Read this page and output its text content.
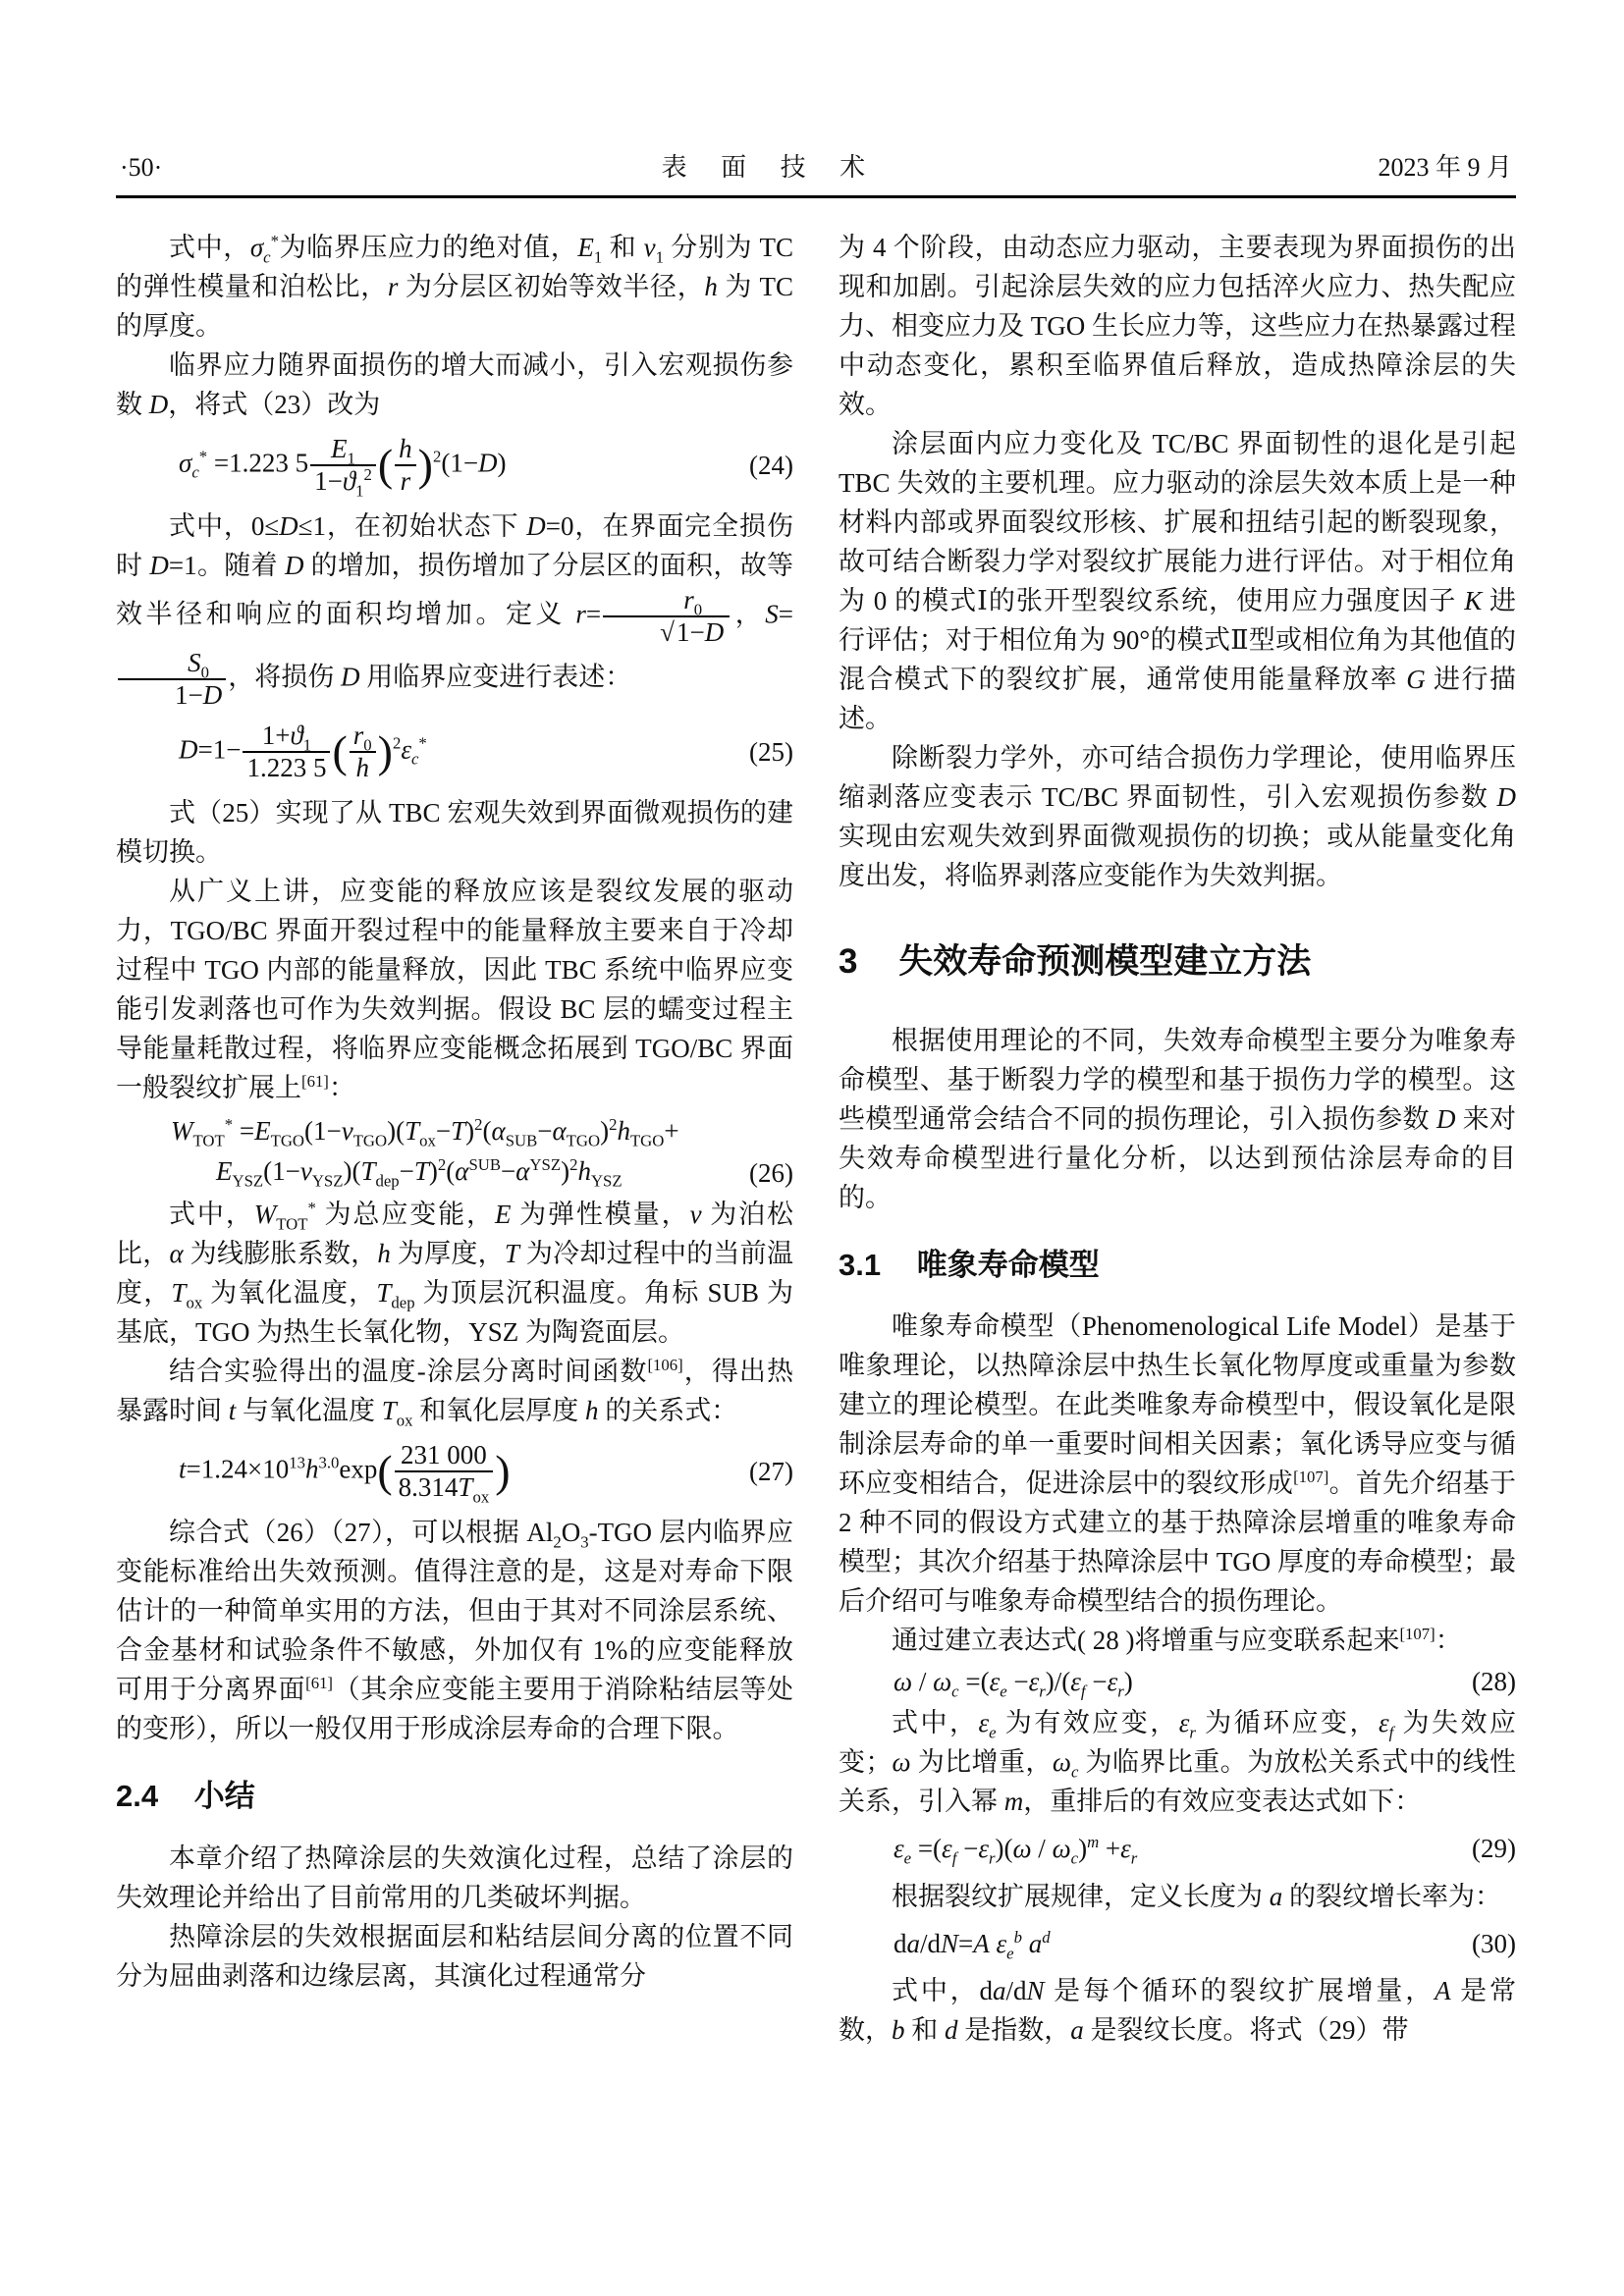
·50·	表 面 技 术	2023 年 9 月

式中，$\sigma_c^*$为临界压应力的绝对值，$E_1$ 和 $v_1$ 分别为 TC 的弹性模量和泊松比，r 为分层区初始等效半径，h 为 TC 的厚度。

临界应力随界面损伤的增大而减小，引入宏观损伤参数 D，将式（23）改为

$\sigma_c^* =1.223$ $5 \frac{E_1}{1-ϑ_1^2}$ ( $\frac{h}{r} )^2(1-D)$	(24)

式中，0≤D≤1，在初始状态下 D=0，在界面完全损伤时 D=1。随着 D 的增加，损伤增加了分层区的面积，故等效半径和响应的面积均增加。定义 $r= \frac{r_0}{√1-D}$ ，S=
$\frac{S_0}{1-D}$ ，将损伤 D 用临界应变进行表述：

$D=1- \frac{1+ϑ_1}{1.223 5}$ ( $\frac{r_0}{h} )^2\varepsilon_c^*$	(25)

式（25）实现了从 TBC 宏观失效到界面微观损伤的建模切换。

从广义上讲，应变能的释放应该是裂纹发展的驱动力，TGO/BC 界面开裂过程中的能量释放主要来自于冷却过程中 TGO 内部的能量释放，因此 TBC 系统中临界应变能引发剥落也可作为失效判据。假设 BC 层的蠕变过程主导能量耗散过程，将临界应变能概念拓展到 TGO/BC 界面一般裂纹扩展上[61]：

$W_{TOT}^* =E_{TGO}(1-v_{TGO})(T_{ox}-T)^2(\alpha_{SUB}-\alpha_{TGO})^2h_{TGO}+$
$E_{YSZ}(1-v_{YSZ})(T_{dep}-T)^2(\alpha^{SUB}-\alpha^{YSZ})^2h_{YSZ}$	(26)

式中，$W_{TOT}^*$ 为总应变能，E 为弹性模量，v 为泊松比，α 为线膨胀系数，h 为厚度，T 为冷却过程中的当前温度，$T_{ox}$ 为氧化温度，$T_{dep}$ 为顶层沉积温度。角标 SUB 为基底，TGO 为热生长氧化物，YSZ 为陶瓷面层。

结合实验得出的温度-涂层分离时间函数[106]，得出热暴露时间 t 与氧化温度 $T_{ox}$ 和氧化层厚度 h 的关系式：

$t=1.24\times 10^{13}h^{3.0}\exp( \frac{231 000}{8.314T_{ox}}$ )	(27)

综合式（26）（27），可以根据 $Al_2O_3$-TGO 层内临界应变能标准给出失效预测。值得注意的是，这是对寿命下限估计的一种简单实用的方法，但由于其对不同涂层系统、合金基材和试验条件不敏感，外加仅有 1%的应变能释放可用于分离界面[61]（其余应变能主要用于消除粘结层等处的变形），所以一般仅用于形成涂层寿命的合理下限。

2.4 小结

本章介绍了热障涂层的失效演化过程，总结了涂层的失效理论并给出了目前常用的几类破坏判据。

热障涂层的失效根据面层和粘结层间分离的位置不同分为屈曲剥落和边缘层离，其演化过程通常分

为 4 个阶段，由动态应力驱动，主要表现为界面损伤的出现和加剧。引起涂层失效的应力包括淬火应力、热失配应力、相变应力及 TGO 生长应力等，这些应力在热暴露过程中动态变化，累积至临界值后释放，造成热障涂层的失效。

涂层面内应力变化及 TC/BC 界面韧性的退化是引起 TBC 失效的主要机理。应力驱动的涂层失效本质上是一种材料内部或界面裂纹形核、扩展和扭结引起的断裂现象，故可结合断裂力学对裂纹扩展能力进行评估。对于相位角为 0 的模式Ⅰ的张开型裂纹系统，使用应力强度因子 K 进行评估；对于相位角为 90°的模式Ⅱ型或相位角为其他值的混合模式下的裂纹扩展，通常使用能量释放率 G 进行描述。

除断裂力学外，亦可结合损伤力学理论，使用临界压缩剥落应变表示 TC/BC 界面韧性，引入宏观损伤参数 D 实现由宏观失效到界面微观损伤的切换；或从能量变化角度出发，将临界剥落应变能作为失效判据。

3 失效寿命预测模型建立方法

根据使用理论的不同，失效寿命模型主要分为唯象寿命模型、基于断裂力学的模型和基于损伤力学的模型。这些模型通常会结合不同的损伤理论，引入损伤参数 D 来对失效寿命模型进行量化分析，以达到预估涂层寿命的目的。

3.1 唯象寿命模型

唯象寿命模型（Phenomenological Life Model）是基于唯象理论，以热障涂层中热生长氧化物厚度或重量为参数建立的理论模型。在此类唯象寿命模型中，假设氧化是限制涂层寿命的单一重要时间相关因素；氧化诱导应变与循环应变相结合，促进涂层中的裂纹形成[107]。首先介绍基于 2 种不同的假设方式建立的基于热障涂层增重的唯象寿命模型；其次介绍基于热障涂层中 TGO 厚度的寿命模型；最后介绍可与唯象寿命模型结合的损伤理论。

通过建立表达式( 28 )将增重与应变联系起来[107]：

$\omega / \omega_c =(\varepsilon_e -\varepsilon_r)/(\varepsilon_f -\varepsilon_r)$	(28)

式中，$\varepsilon_e$ 为有效应变，$\varepsilon_r$ 为循环应变，$\varepsilon_f$ 为失效应变；ω 为比增重，$\omega_c$ 为临界比重。为放松关系式中的线性关系，引入幂 m，重排后的有效应变表达式如下：

$\varepsilon_e =(\varepsilon_f -\varepsilon_r)(\omega / \omega_c)^m +\varepsilon_r$	(29)

根据裂纹扩展规律，定义长度为 a 的裂纹增长率为：

da/dN=A $\varepsilon_e^b$ $a^d$	(30)

式中，da/dN 是每个循环的裂纹扩展增量，A 是常数，b 和 d 是指数，a 是裂纹长度。将式（29）带
